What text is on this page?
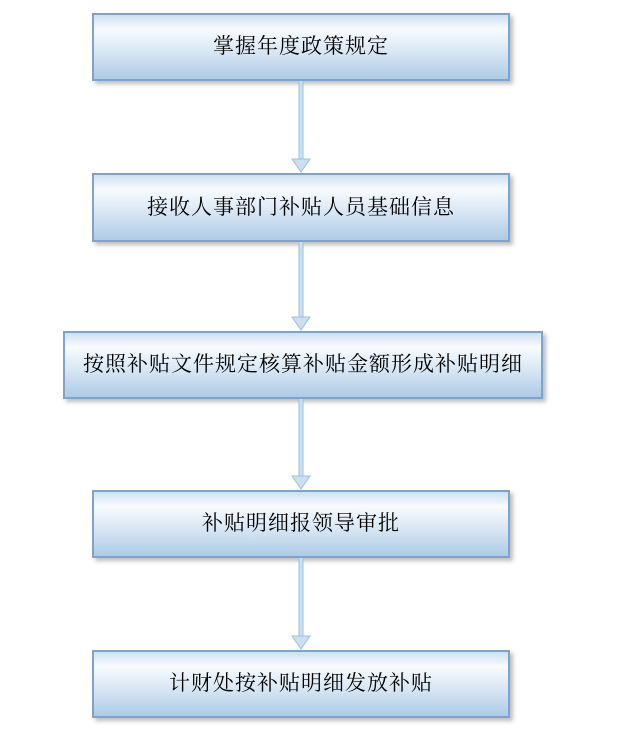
掌握年度政策规定
接收人事部门补贴人员基础信息
按照补贴文件规定核算补贴金额形成补贴明细
补贴明细报领导审批
计财处按补贴明细发放补贴
